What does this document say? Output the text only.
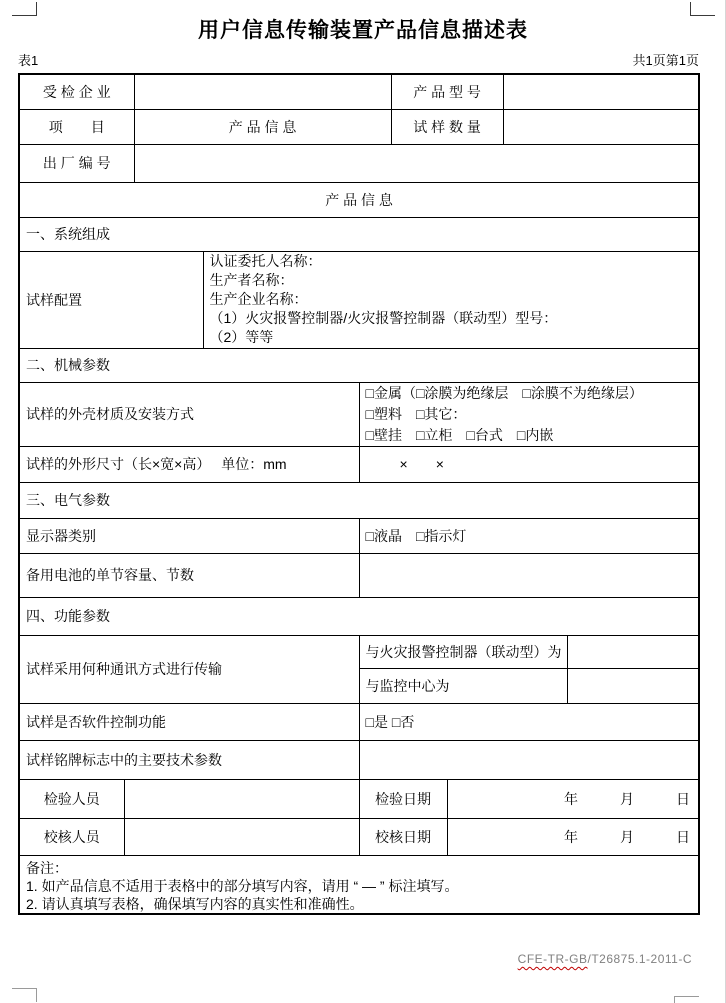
用户信息传输装置产品信息描述表
表1	共1页第1页
受 检 企 业					产 品 型 号			
项　　目		产 品 信 息			试 样 数 量			
出 厂 编 号								
产 品 信 息								
一、系统组成								
试样配置			认证委托人名称：
生产者名称：
生产企业名称：
（1）火灾报警控制器/火灾报警控制器（联动型）型号：
（2）等等					

二、机械参数								
试样的外壳材质及安装方式				□金属（□涂膜为绝缘层　□涂膜不为绝缘层）
□塑料　□其它：
□壁挂　□立柜　□台式　□内嵌				

试样的外形尺寸（长×宽×高）　 单位：mm				×　　×				
三、电气参数								
显示器类别				□液晶　□指示灯				
备用电池的单节容量、节数								
四、功能参数								
试样采用何种通讯方式进行传输				与火灾报警控制器（联动型）为				
				与监控中心为				
试样是否软件控制功能				□是 □否				
试样铭牌标志中的主要技术参数								
检验人员				检验日期		年　　　月　　　日		
校核人员				校核日期		年　　　月　　　日		

备注：
1. 如产品信息不适用于表格中的部分填写内容，请用 “ — ” 标注填写。
2. 请认真填写表格，确保填写内容的真实性和准确性。								
CFE-TR-GB/T26875.1-2011-C
